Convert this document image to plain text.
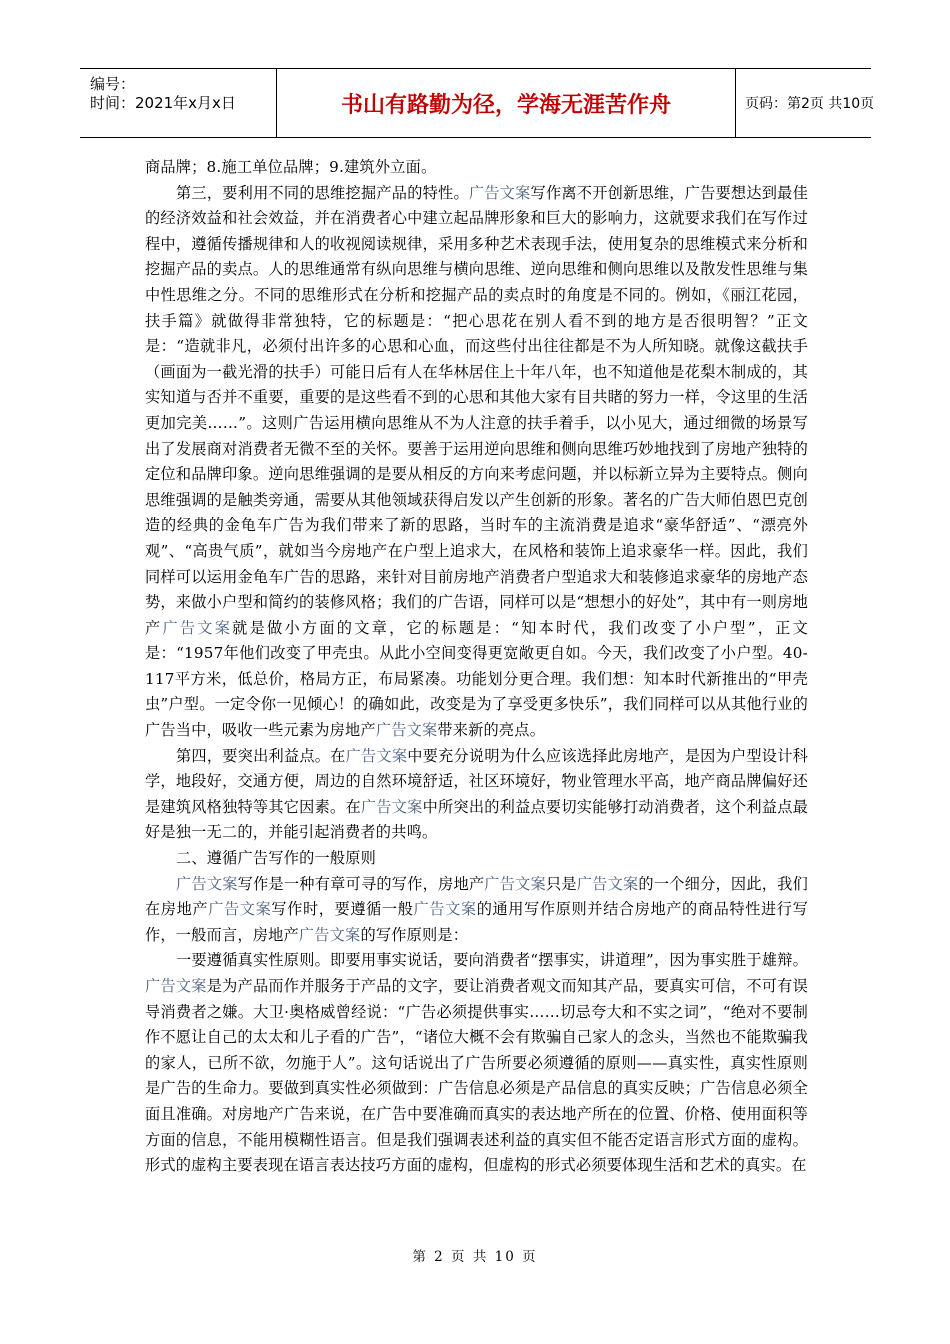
编号：
时间：2021年x月x日	书山有路勤为径，学海无涯苦作舟	页码：第2页 共10页

商品牌；8.施工单位品牌；9.建筑外立面。

第三，要利用不同的思维挖掘产品的特性。广告文案写作离不开创新思维，广告要想达到最佳的经济效益和社会效益，并在消费者心中建立起品牌形象和巨大的影响力，这就要求我们在写作过程中，遵循传播规律和人的收视阅读规律，采用多种艺术表现手法，使用复杂的思维模式来分析和挖掘产品的卖点。人的思维通常有纵向思维与横向思维、逆向思维和侧向思维以及散发性思维与集中性思维之分。不同的思维形式在分析和挖掘产品的卖点时的角度是不同的。例如，《丽江花园，扶手篇》就做得非常独特，它的标题是：“把心思花在别人看不到的地方是否很明智？”正文是：“造就非凡，必须付出许多的心思和心血，而这些付出往往都是不为人所知晓。就像这截扶手（画面为一截光滑的扶手）可能日后有人在华林居住上十年八年，也不知道他是花梨木制成的，其实知道与否并不重要，重要的是这些看不到的心思和其他大家有目共睹的努力一样，令这里的生活更加完美……”。这则广告运用横向思维从不为人注意的扶手着手，以小见大，通过细微的场景写出了发展商对消费者无微不至的关怀。要善于运用逆向思维和侧向思维巧妙地找到了房地产独特的定位和品牌印象。逆向思维强调的是要从相反的方向来考虑问题，并以标新立异为主要特点。侧向思维强调的是触类旁通，需要从其他领域获得启发以产生创新的形象。著名的广告大师伯恩巴克创造的经典的金龟车广告为我们带来了新的思路，当时车的主流消费是追求“豪华舒适”、“漂亮外观”、“高贵气质”，就如当今房地产在户型上追求大，在风格和装饰上追求豪华一样。因此，我们同样可以运用金龟车广告的思路，来针对目前房地产消费者户型追求大和装修追求豪华的房地产态势，来做小户型和简约的装修风格；我们的广告语，同样可以是“想想小的好处”，其中有一则房地产广告文案就是做小方面的文章，它的标题是：“知本时代，我们改变了小户型”，正文是：“1957年他们改变了甲壳虫。从此小空间变得更宽敞更自如。今天，我们改变了小户型。40-117平方米，低总价，格局方正，布局紧凑。功能划分更合理。我们想：知本时代新推出的“甲壳虫”户型。一定令你一见倾心！的确如此，改变是为了享受更多快乐”，我们同样可以从其他行业的广告当中，吸收一些元素为房地产广告文案带来新的亮点。

第四，要突出利益点。在广告文案中要充分说明为什么应该选择此房地产，是因为户型设计科学，地段好，交通方便，周边的自然环境舒适，社区环境好，物业管理水平高，地产商品牌偏好还是建筑风格独特等其它因素。在广告文案中所突出的利益点要切实能够打动消费者，这个利益点最好是独一无二的，并能引起消费者的共鸣。

二、遵循广告写作的一般原则

广告文案写作是一种有章可寻的写作，房地产广告文案只是广告文案的一个细分，因此，我们在房地产广告文案写作时，要遵循一般广告文案的通用写作原则并结合房地产的商品特性进行写作，一般而言，房地产广告文案的写作原则是：

一要遵循真实性原则。即要用事实说话，要向消费者“摆事实，讲道理”，因为事实胜于雄辩。广告文案是为产品而作并服务于产品的文字，要让消费者观文而知其产品，要真实可信，不可有误导消费者之嫌。大卫·奥格威曾经说：“广告必须提供事实……切忌夸大和不实之词”，“绝对不要制作不愿让自己的太太和儿子看的广告”，“诸位大概不会有欺骗自己家人的念头，当然也不能欺骗我的家人，已所不欲，勿施于人”。这句话说出了广告所要必须遵循的原则——真实性，真实性原则是广告的生命力。要做到真实性必须做到：广告信息必须是产品信息的真实反映；广告信息必须全面且准确。对房地产广告来说，在广告中要准确而真实的表达地产所在的位置、价格、使用面积等方面的信息，不能用模糊性语言。但是我们强调表述利益的真实但不能否定语言形式方面的虚构。形式的虚构主要表现在语言表达技巧方面的虚构，但虚构的形式必须要体现生活和艺术的真实。在

第 2 页 共 10 页
